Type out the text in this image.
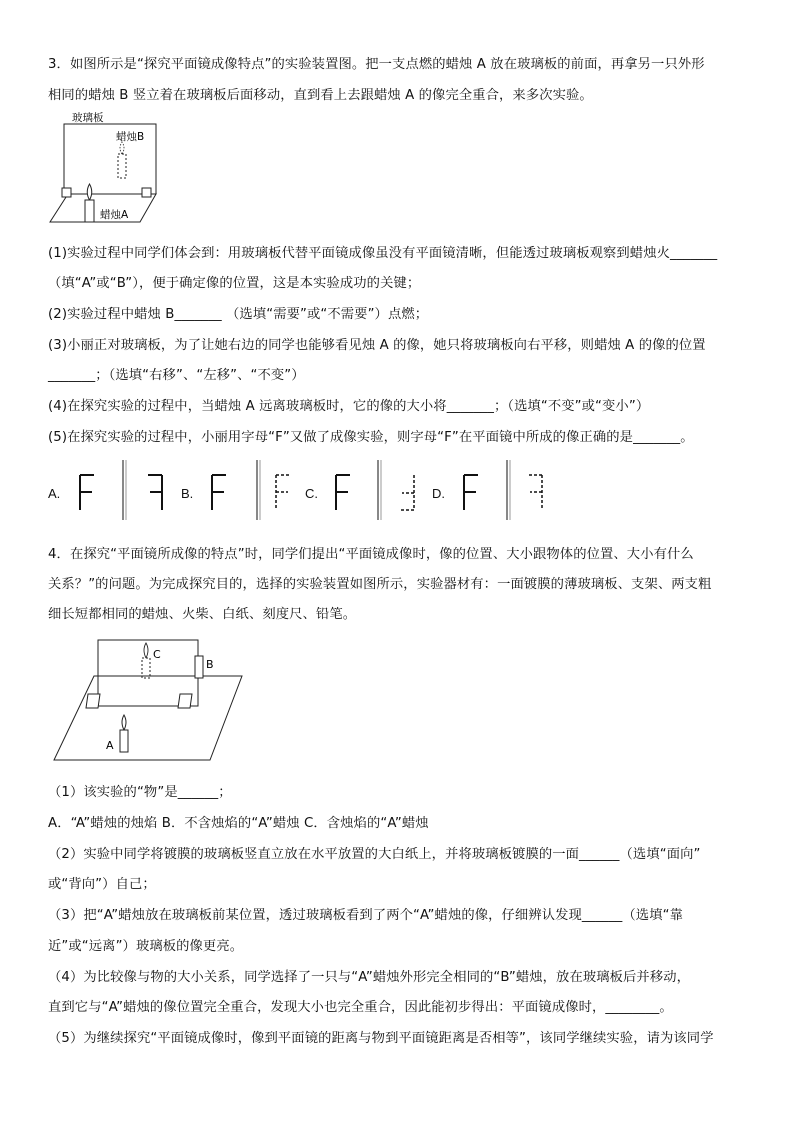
3．如图所示是“探究平面镜成像特点”的实验装置图。把一支点燃的蜡烛 A 放在玻璃板的前面，再拿另一只外形
相同的蜡烛 B 竖立着在玻璃板后面移动，直到看上去跟蜡烛 A 的像完全重合，来多次实验。
玻璃板
蜡烛B
蜡烛A
(1)实验过程中同学们体会到：用玻璃板代替平面镜成像虽没有平面镜清晰，但能透过玻璃板观察到蜡烛火_______
（填“A”或“B”），便于确定像的位置，这是本实验成功的关键；
(2)实验过程中蜡烛 B_______ （选填“需要”或“不需要”）点燃；
(3)小丽正对玻璃板，为了让她右边的同学也能够看见烛 A 的像，她只将玻璃板向右平移，则蜡烛 A 的像的位置
_______；（选填“右移”、“左移”、“不变”）
(4)在探究实验的过程中，当蜡烛 A 远离玻璃板时，它的像的大小将_______；（选填“不变”或“变小”）
(5)在探究实验的过程中，小丽用字母“F”又做了成像实验，则字母“F”在平面镜中所成的像正确的是_______。
A.	B.	C.	D.
4．在探究“平面镜所成像的特点”时，同学们提出“平面镜成像时，像的位置、大小跟物体的位置、大小有什么
关系？”的问题。为完成探究目的，选择的实验装置如图所示，实验器材有：一面镀膜的薄玻璃板、支架、两支粗
细长短都相同的蜡烛、火柴、白纸、刻度尺、铅笔。
C
B
A
（1）该实验的“物”是______；
A．“A”蜡烛的烛焰 B．不含烛焰的“A”蜡烛 C．含烛焰的“A”蜡烛
（2）实验中同学将镀膜的玻璃板竖直立放在水平放置的大白纸上，并将玻璃板镀膜的一面______（选填“面向”
或“背向”）自己；
（3）把“A”蜡烛放在玻璃板前某位置，透过玻璃板看到了两个“A”蜡烛的像，仔细辨认发现______（选填“靠
近”或“远离”）玻璃板的像更亮。
（4）为比较像与物的大小关系，同学选择了一只与“A”蜡烛外形完全相同的“B”蜡烛，放在玻璃板后并移动，
直到它与“A”蜡烛的像位置完全重合，发现大小也完全重合，因此能初步得出：平面镜成像时，________。
（5）为继续探究“平面镜成像时，像到平面镜的距离与物到平面镜距离是否相等”，该同学继续实验，请为该同学
